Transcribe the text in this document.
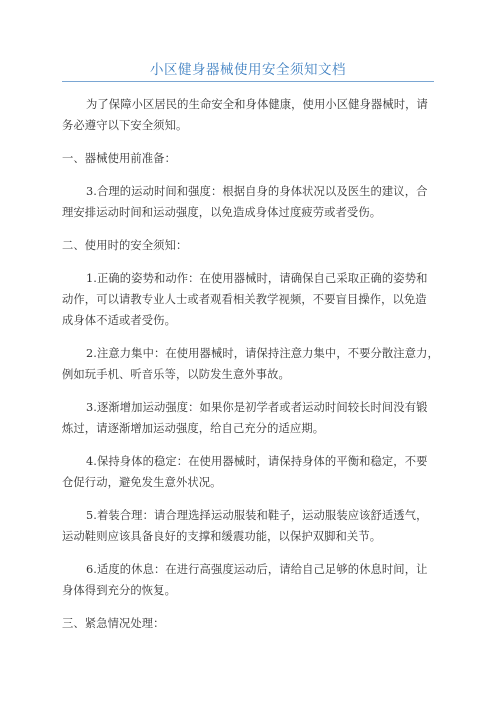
小区健身器械使用安全须知文档

为了保障小区居民的生命安全和身体健康，使用小区健身器械时，请
务必遵守以下安全须知。

一、器械使用前准备：

3.合理的运动时间和强度：根据自身的身体状况以及医生的建议，合
理安排运动时间和运动强度，以免造成身体过度疲劳或者受伤。

二、使用时的安全须知：

1.正确的姿势和动作：在使用器械时，请确保自己采取正确的姿势和
动作，可以请教专业人士或者观看相关教学视频，不要盲目操作，以免造
成身体不适或者受伤。

2.注意力集中：在使用器械时，请保持注意力集中，不要分散注意力，
例如玩手机、听音乐等，以防发生意外事故。

3.逐渐增加运动强度：如果你是初学者或者运动时间较长时间没有锻
炼过，请逐渐增加运动强度，给自己充分的适应期。

4.保持身体的稳定：在使用器械时，请保持身体的平衡和稳定，不要
仓促行动，避免发生意外状况。

5.着装合理：请合理选择运动服装和鞋子，运动服装应该舒适透气，
运动鞋则应该具备良好的支撑和缓震功能，以保护双脚和关节。

6.适度的休息：在进行高强度运动后，请给自己足够的休息时间，让
身体得到充分的恢复。

三、紧急情况处理：
